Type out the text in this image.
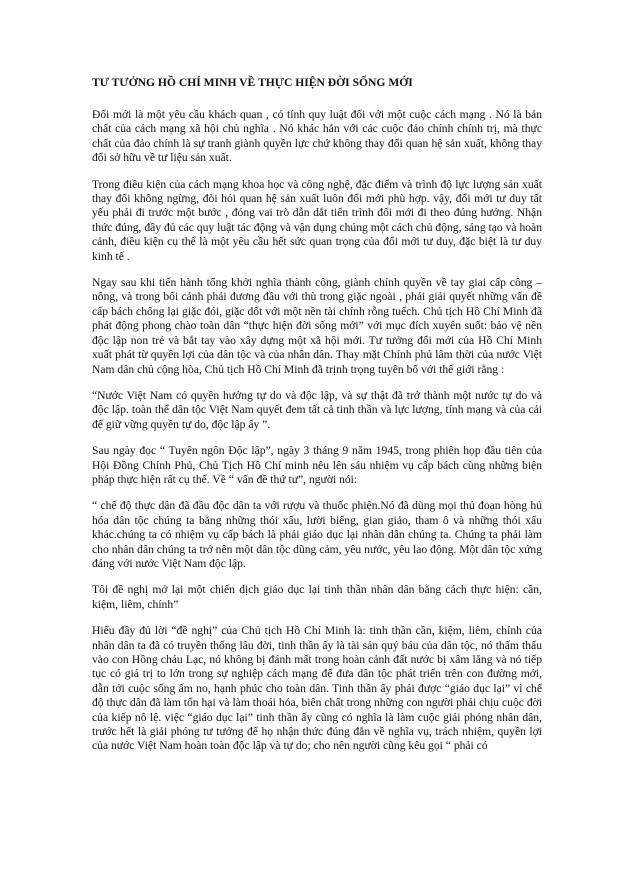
TƯ TƯỞNG HỒ CHÍ MINH VỀ THỰC HIỆN ĐỜI SỐNG MỚI

Đổi mới là một yêu cầu khách quan , có tính quy luật đối với một cuộc cách mạng . Nó là bản chất của cách mạng xã hội chủ nghĩa . Nó khác hẳn với các cuộc đảo chính chính trị, mà thực chất của đảo chính là sự tranh giành quyền lực chứ không thay đổi quan hệ sản xuất, không thay đổi sở hữu về tư liệu sản xuất.

Trong điều kiện của cách mạng khoa học và công nghệ, đặc điểm và trình độ lực lượng sản xuất thay đổi không ngừng, đòi hỏi quan hệ sản xuất luôn đổi mới phù hợp. vậy, đổi mới tư duy tất yếu phải đi trước một bước , đóng vai trò dẫn dắt tiến trình đổi mới đi theo đúng hướng. Nhận thức đúng, đầy đủ các quy luật tác động và vận dụng chúng một cách chủ động, sáng tạo và hoàn cảnh, điều kiện cụ thể là một yêu cầu hết sức quan trọng của đổi mới tư duy, đặc biệt là tư duy kinh tế .

Ngay sau khi tiến hành tổng khởi nghĩa thành công, giành chính quyền về tay giai cấp công – nông, và trong bối cảnh phải đương đầu với thù trong giặc ngoài , phải giải quyết những vấn đề cấp bách chống lại giặc đói, giặc dốt với một nền tài chính rỗng tuếch. Chủ tịch Hồ Chí Minh đã phát động phong chào toàn dân “thực hiện đời sống mới” với mục đích xuyên suốt: bảo vệ nền độc lập non trẻ và bắt tay vào xây dựng một xã hội mới. Tư tưởng đổi mới của Hồ Chí Minh xuất phát từ quyền lợi của dân tộc và của nhân dân. Thay mặt Chính phủ lâm thời của nước Việt Nam dân chủ cộng hòa, Chủ tịch Hồ Chí Minh đã trịnh trọng tuyên bố với thế giới rằng :

“Nước Việt Nam có quyền hưởng tự do và độc lập, và sự thật đã trở thành một nước tự do và độc lập. toàn thể dân tộc Việt Nam quyết đem tất cả tinh thần và lực lượng, tính mạng và của cải để giữ vững quyền tự do, độc lập ấy ”.

Sau ngày đọc “ Tuyên ngôn Độc lập”, ngày 3 tháng 9 năm 1945, trong phiên họp đầu tiên của Hội Đồng Chính Phủ, Chủ Tịch Hồ Chí minh nêu lên sáu nhiệm vụ cấp bách cùng những biện pháp thực hiện rất cụ thể. Về “ vấn đề thứ tư”, người nói:

“ chế độ thực dân đã đầu độc dân ta với rượu và thuốc phiện.Nó đã dùng mọi thủ đoạn hòng hủ hóa dân tộc chúng ta bằng những thói xấu, lười biếng, gian giảo, tham ô và những thói xấu khác.chúng ta có nhiệm vụ cấp bách là phải giáo dục lại nhân dân chúng ta. Chúng ta phải làm cho nhân dân chúng ta trở nên một dân tộc dũng cảm, yêu nước, yêu lao động. Một dân tộc xứng đáng với nước Việt Nam độc lập.

Tôi đề nghị mở lại một chiến dịch giáo dục lại tinh thần nhân dân bằng cách thực hiện: cần, kiệm, liêm, chính”

Hiểu đầy đủ lời “đề nghị” của Chủ tịch Hồ Chí Minh là: tinh thần cần, kiệm, liêm, chính của nhân dân ta đã có truyền thống lâu đời, tinh thần ấy là tài sản quý báu của dân tộc, nó thấm thấu vào con Hồng cháu Lạc, nó không bị đánh mất trong hoàn cảnh đất nước bị xâm lăng và nó tiếp tục có giá trị to lớn trong sự nghiệp cách mạng để đưa dân tộc phát triển trên con đường mới, dẫn tới cuộc sống ấm no, hạnh phúc cho toàn dân. Tinh thần ấy phải được “giáo dục lại” vì chế độ thực dân đã làm tổn hại và làm thoái hóa, biến chất trong những con người phải chịu cuộc đời của kiếp nô lệ. việc “giáo dục lại” tinh thần ấy cũng có nghĩa là làm cuộc giải phóng nhân dân, trước hết là giải phóng tư tưởng để họ nhận thức đúng đắn về nghĩa vụ, trách nhiệm, quyền lợi của nước Việt Nam hoàn toàn độc lập và tự do; cho nên người cũng kêu gọi “ phải có
